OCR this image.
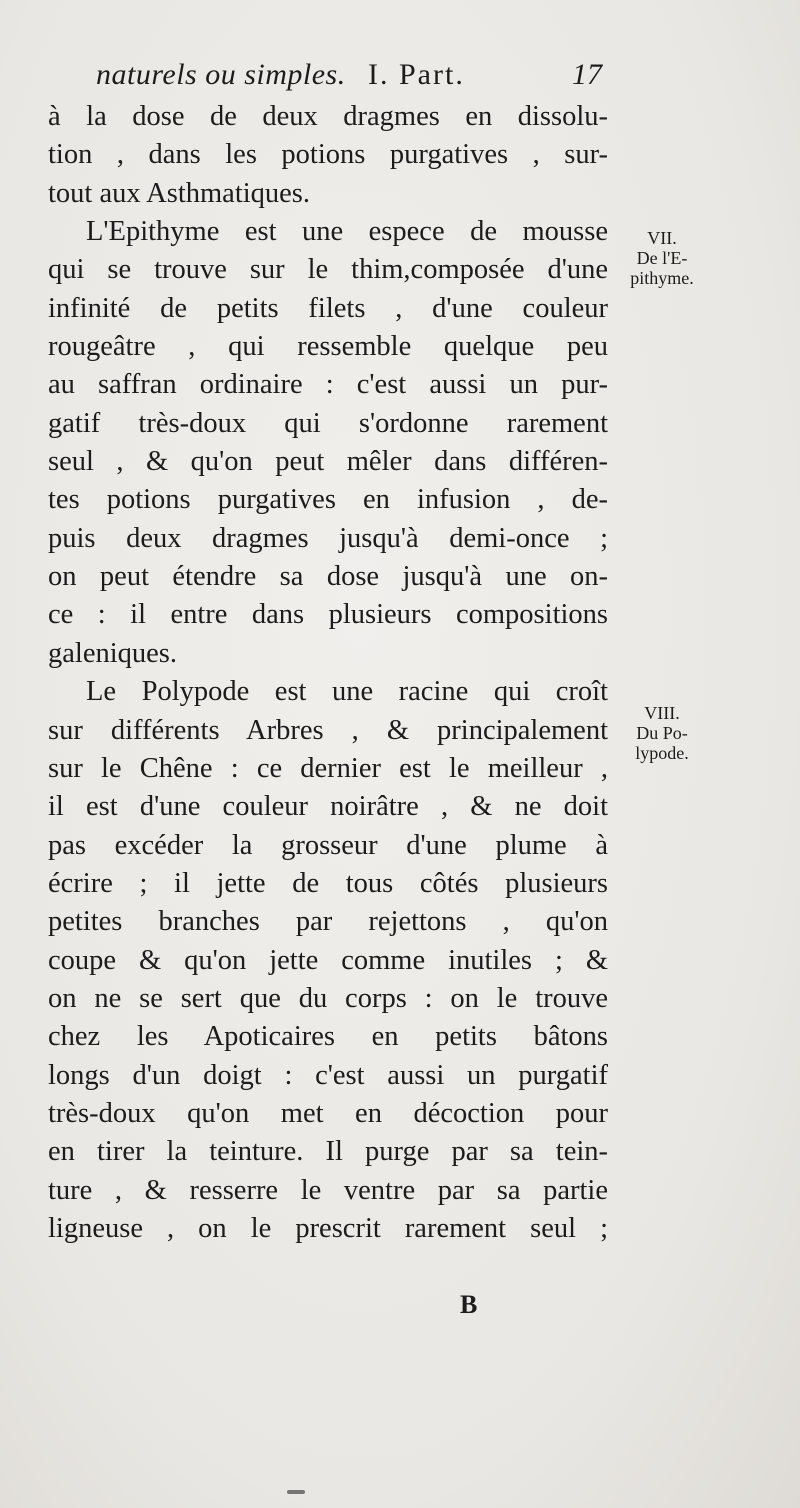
naturels ou simples. I. Part.	17
à la dose de deux dragmes en dissolu-
tion , dans les potions purgatives , sur-
tout aux Asthmatiques.
L'Epithyme est une espece de mousse
qui se trouve sur le thim,composée d'une
infinité de petits filets , d'une couleur
rougeâtre , qui ressemble quelque peu
au saffran ordinaire : c'est aussi un pur-
gatif très-doux qui s'ordonne rarement
seul , & qu'on peut mêler dans différen-
tes potions purgatives en infusion , de-
puis deux dragmes jusqu'à demi-once ;
on peut étendre sa dose jusqu'à une on-
ce : il entre dans plusieurs compositions
galeniques.
Le Polypode est une racine qui croît
sur différents Arbres , & principalement
sur le Chêne : ce dernier est le meilleur ,
il est d'une couleur noirâtre , & ne doit
pas excéder la grosseur d'une plume à
écrire ; il jette de tous côtés plusieurs
petites branches par rejettons , qu'on
coupe & qu'on jette comme inutiles ; &
on ne se sert que du corps : on le trouve
chez les Apoticaires en petits bâtons
longs d'un doigt : c'est aussi un purgatif
très-doux qu'on met en décoction pour
en tirer la teinture. Il purge par sa tein-
ture , & resserre le ventre par sa partie
ligneuse , on le prescrit rarement seul ;
VII.
De l'E-
pithyme.
VIII.
Du Po-
lypode.
B
